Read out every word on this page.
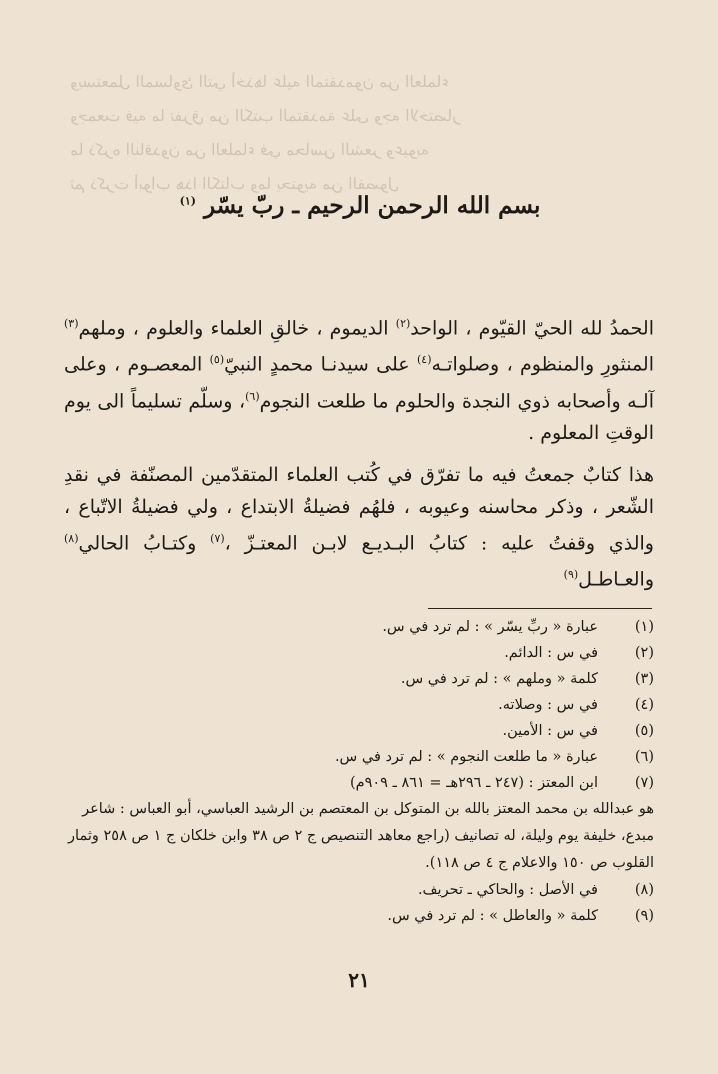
ويستعمل المساوئ التي أخذها عليه المتقدمون من العلماء
وجمعت فيه ما تفرق من الكتب المتقدمة على وجه الاختصار
ما ذكره الناقدون من العلماء في محاسن الشعر وعيوبه
ثم ذكرت أبواب هذا الكتاب وما يحتويه من الفصول
بسم الله الرحمن الرحيم ـ ربّ يسّر $^{(١)}$

الحمدُ لله الحيّ القيّوم ، الواحد$^{(٢)}$ الديموم ، خالقِ العلماء والعلوم ، وملهم$^{(٣)}$ المنثورِ والمنظوم ، وصلواتـه$^{(٤)}$ على سيدنـا محمدٍ النبيّ$^{(٥)}$ المعصـوم ، وعلى آلـه وأصحابه ذوي النجدة والحلوم ما طلعت النجوم$^{(٦)}$، وسلّم تسليماً الى يوم الوقتِ المعلوم .

هذا كتابٌ جمعتُ فيه ما تفرّق في كُتب العلماء المتقدّمين المصنّفة في نقدِ الشّعر ، وذكر محاسنه وعيوبه ، فلهُم فضيلةُ الابتداع ، ولي فضيلةُ الاتّباع ، والذي وقفتُ عليه : كتابُ البـديـع لابـن المعتـزّ ،$^{(٧)}$ وكتـابُ الحالي$^{(٨)}$ والعـاطـل$^{(٩)}$

(١)
عبارة « ربِّ يسّر » : لم ترد في س.
(٢)
في س : الدائم.
(٣)
كلمة « وملهم » : لم ترد في س.
(٤)
في س : وصلاته.
(٥)
في س : الأمين.
(٦)
عبارة « ما طلعت النجوم » : لم ترد في س.
(٧)
ابن المعتز : (٢٤٧ ـ ٢٩٦هـ = ٨٦١ ـ ٩٠٩م)
هو عبدالله بن محمد المعتز بالله بن المتوكل بن المعتصم بن الرشيد العباسي، أبو العباس : شاعر مبدع، خليفة يوم وليلة، له تصانيف (راجع معاهد التنصيص ج ٢ ص ٣٨ وابن خلكان ج ١ ص ٢٥٨ وثمار القلوب ص ١٥٠ والاعلام ج ٤ ص ١١٨).
(٨)
في الأصل : والحاكي ـ تحريف.
(٩)
كلمة « والعاطل » : لم ترد في س.
٢١
